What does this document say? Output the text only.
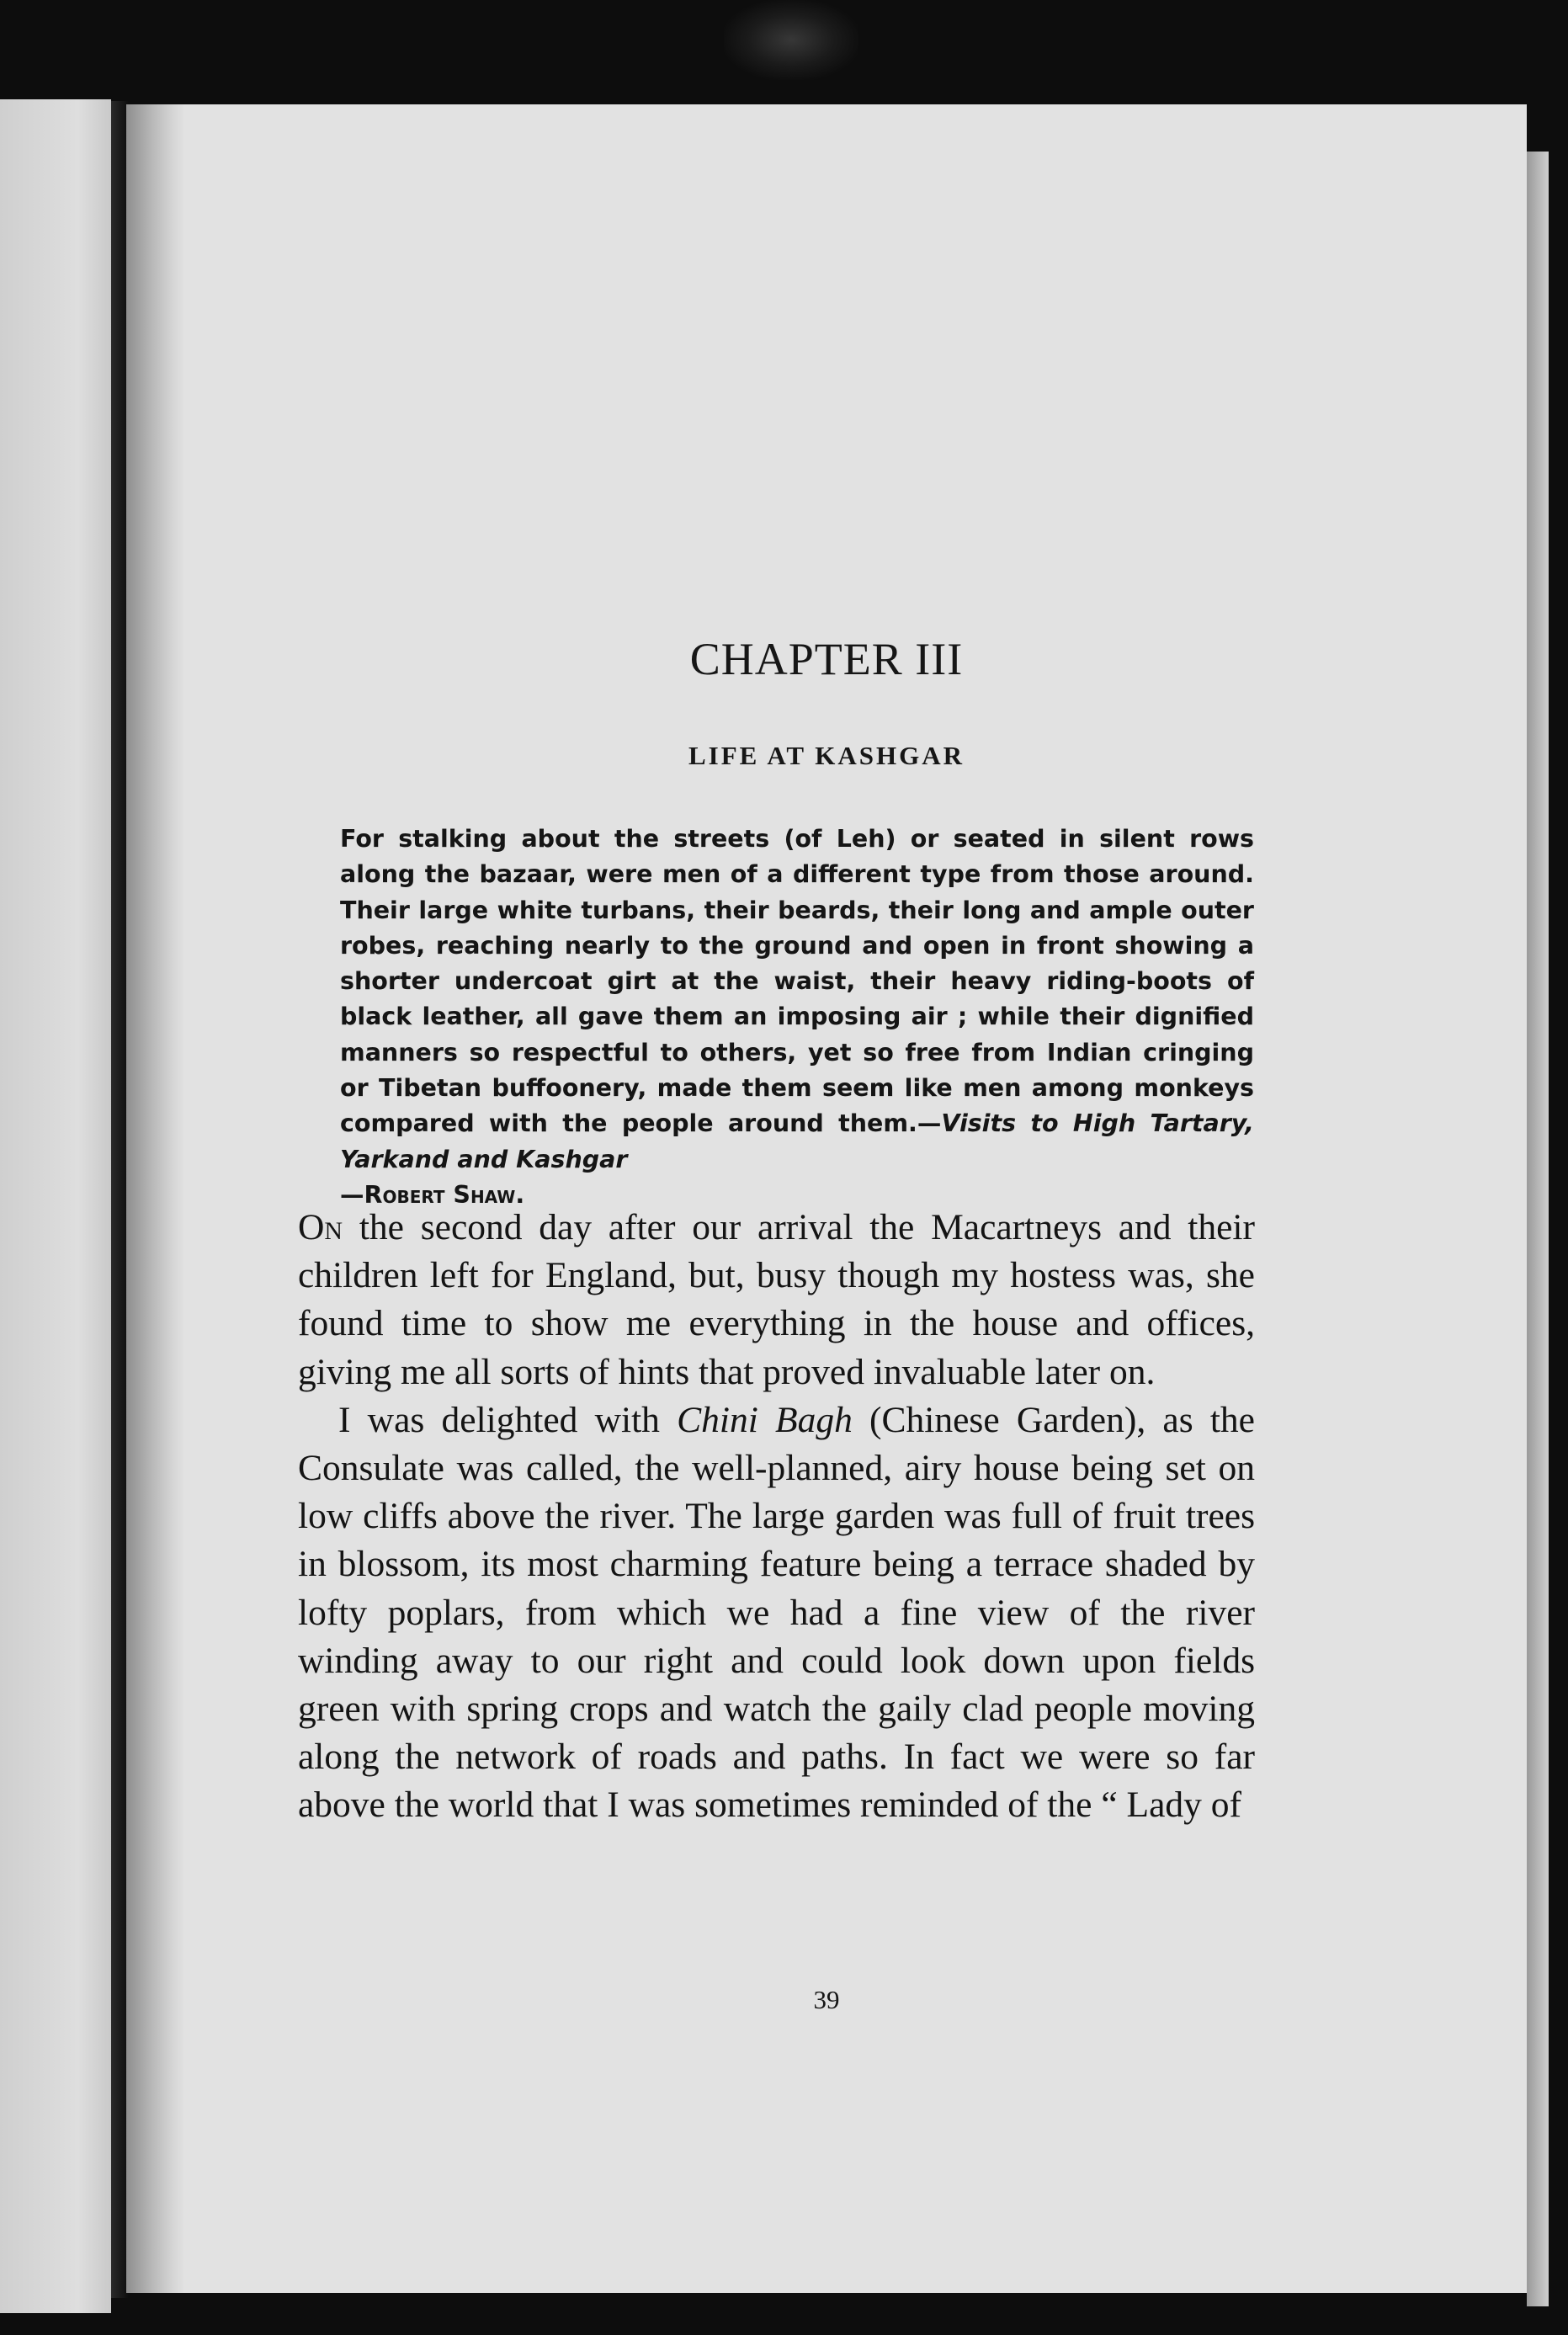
CHAPTER III
LIFE AT KASHGAR

For stalking about the streets (of Leh) or seated in silent rows along the bazaar, were men of a different type from those around. Their large white turbans, their beards, their long and ample outer robes, reaching nearly to the ground and open in front showing a shorter undercoat girt at the waist, their heavy riding-boots of black leather, all gave them an imposing air ; while their dignified manners so respectful to others, yet so free from Indian cringing or Tibetan buffoonery, made them seem like men among monkeys compared with the people around them.—Visits to High Tartary, Yarkand and Kashgar
—Robert Shaw.

On the second day after our arrival the Macartneys and their children left for England, but, busy though my hostess was, she found time to show me everything in the house and offices, giving me all sorts of hints that proved invaluable later on.

I was delighted with Chini Bagh (Chinese Garden), as the Consulate was called, the well-planned, airy house being set on low cliffs above the river. The large garden was full of fruit trees in blossom, its most charming feature being a terrace shaded by lofty poplars, from which we had a fine view of the river winding away to our right and could look down upon fields green with spring crops and watch the gaily clad people moving along the network of roads and paths. In fact we were so far above the world that I was sometimes reminded of the “ Lady of

39
